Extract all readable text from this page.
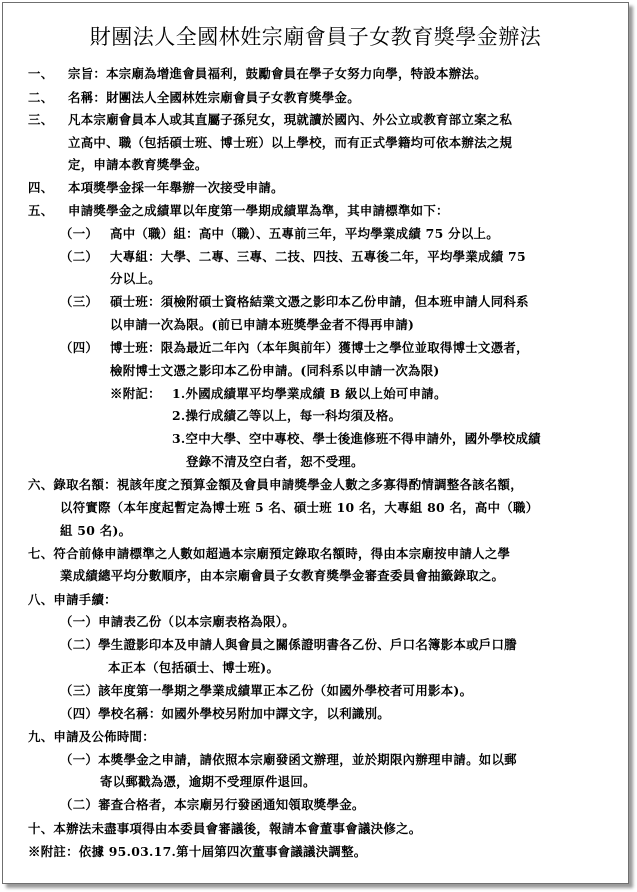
財團法人全國林姓宗廟會員子女教育獎學金辦法
一、 宗旨：本宗廟為增進會員福利，鼓勵會員在學子女努力向學，特設本辦法。
二、 名稱：財團法人全國林姓宗廟會員子女教育獎學金。
三、 凡本宗廟會員本人或其直屬子孫兒女，現就讀於國內、外公立或教育部立案之私
立高中、職（包括碩士班、博士班）以上學校，而有正式學籍均可依本辦法之規
定，申請本教育獎學金。
四、 本項獎學金採一年舉辦一次接受申請。
五、 申請獎學金之成績單以年度第一學期成績單為準，其申請標準如下：
（一） 高中（職）組：高中（職）、五專前三年，平均學業成績 75 分以上。
（二） 大專組：大學、二專、三專、二技、四技、五專後二年，平均學業成績 75
分以上。
（三） 碩士班：須檢附碩士資格結業文憑之影印本乙份申請，但本班申請人同科系
以申請一次為限。(前已申請本班獎學金者不得再申請)
（四） 博士班：限為最近二年內（本年與前年）獲博士之學位並取得博士文憑者，
檢附博士文憑之影印本乙份申請。(同科系以申請一次為限)
※附記： 1.外國成績單平均學業成績 B 級以上始可申請。
2.操行成績乙等以上，每一科均須及格。
3.空中大學、空中專校、學士後進修班不得申請外，國外學校成績
登錄不清及空白者，恕不受理。
六、錄取名額：視該年度之預算金額及會員申請獎學金人數之多寡得酌情調整各該名額，
以符實際（本年度起暫定為博士班 5 名、碩士班 10 名，大專組 80 名，高中（職）
組 50 名)。
七、符合前條申請標準之人數如超過本宗廟預定錄取名額時，得由本宗廟按申請人之學
業成績總平均分數順序，由本宗廟會員子女教育獎學金審查委員會抽籤錄取之。
八、申請手續：
（一）申請表乙份（以本宗廟表格為限）。
（二）學生證影印本及申請人與會員之關係證明書各乙份、戶口名簿影本或戶口謄
本正本（包括碩士、博士班)。
（三）該年度第一學期之學業成績單正本乙份（如國外學校者可用影本)。
（四）學校名稱：如國外學校另附加中譯文字，以利識別。
九、申請及公佈時間：
（一）本獎學金之申請，請依照本宗廟發函文辦理，並於期限內辦理申請。如以郵
寄以郵戳為憑，逾期不受理原件退回。
（二）審查合格者，本宗廟另行發函通知領取獎學金。
十、本辦法未盡事項得由本委員會審議後，報請本會董事會議決修之。
※附註：依據 95.03.17.第十屆第四次董事會議議決調整。
